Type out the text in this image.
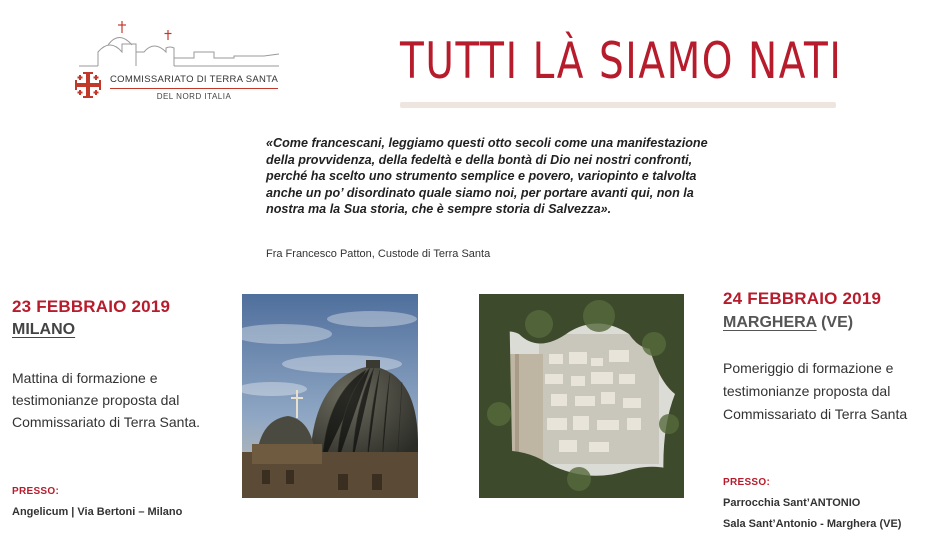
COMMISSARIATO DI TERRA SANTA
DEL NORD ITALIA
TUTTI LÀ SIAMO NATI
«Come francescani, leggiamo questi otto secoli come una manifestazione della provvidenza, della fedeltà e della bontà di Dio nei nostri confronti, perché ha scelto uno strumento semplice e povero, variopinto e talvolta anche un po’ disordinato quale siamo noi, per portare avanti qui, non la nostra ma la Sua storia, che è sempre storia di Salvezza».
Fra Francesco Patton, Custode di Terra Santa
23 FEBBRAIO 2019
MILANO
Mattina di formazione e testimonianze proposta dal Commissariato di Terra Santa.
PRESSO:
Angelicum | Via Bertoni – Milano
24 FEBBRAIO 2019
MARGHERA (VE)
Pomeriggio di formazione e testimonianze proposta dal Commissariato di Terra Santa
PRESSO:
Parrocchia Sant’ANTONIO
Sala Sant’Antonio - Marghera (VE)
